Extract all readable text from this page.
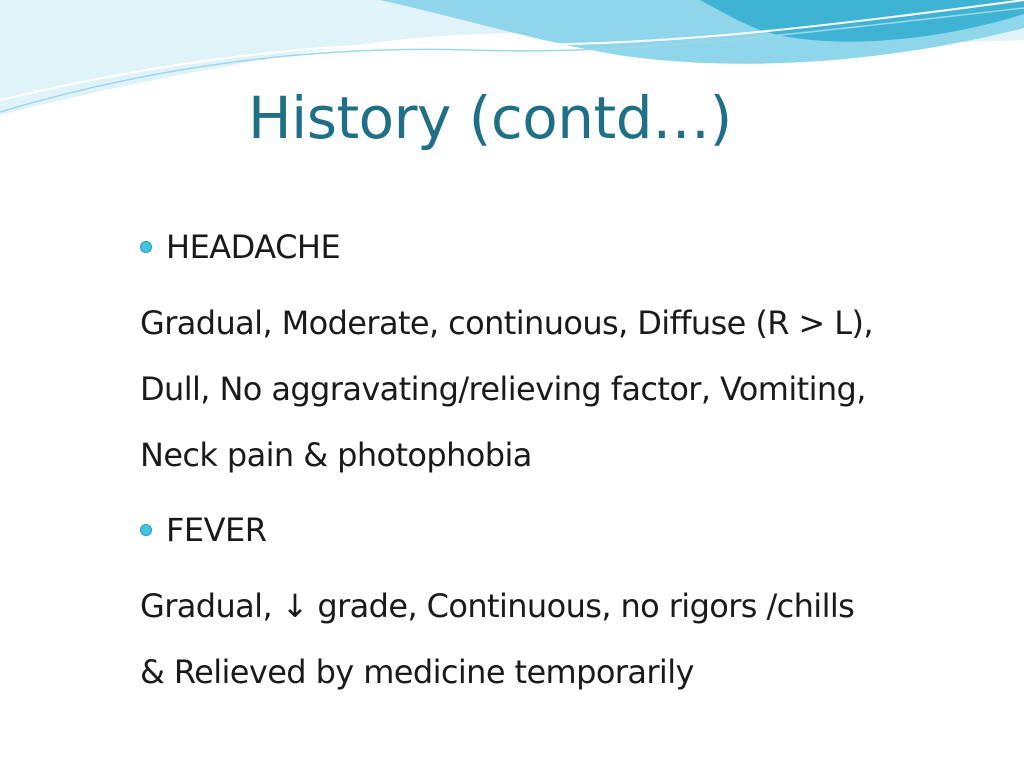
History (contd…)
HEADACHE
Gradual, Moderate, continuous, Diffuse (R > L),
Dull, No aggravating/relieving factor, Vomiting,
Neck pain & photophobia
FEVER
Gradual, ↓ grade, Continuous, no rigors /chills
& Relieved by medicine temporarily
